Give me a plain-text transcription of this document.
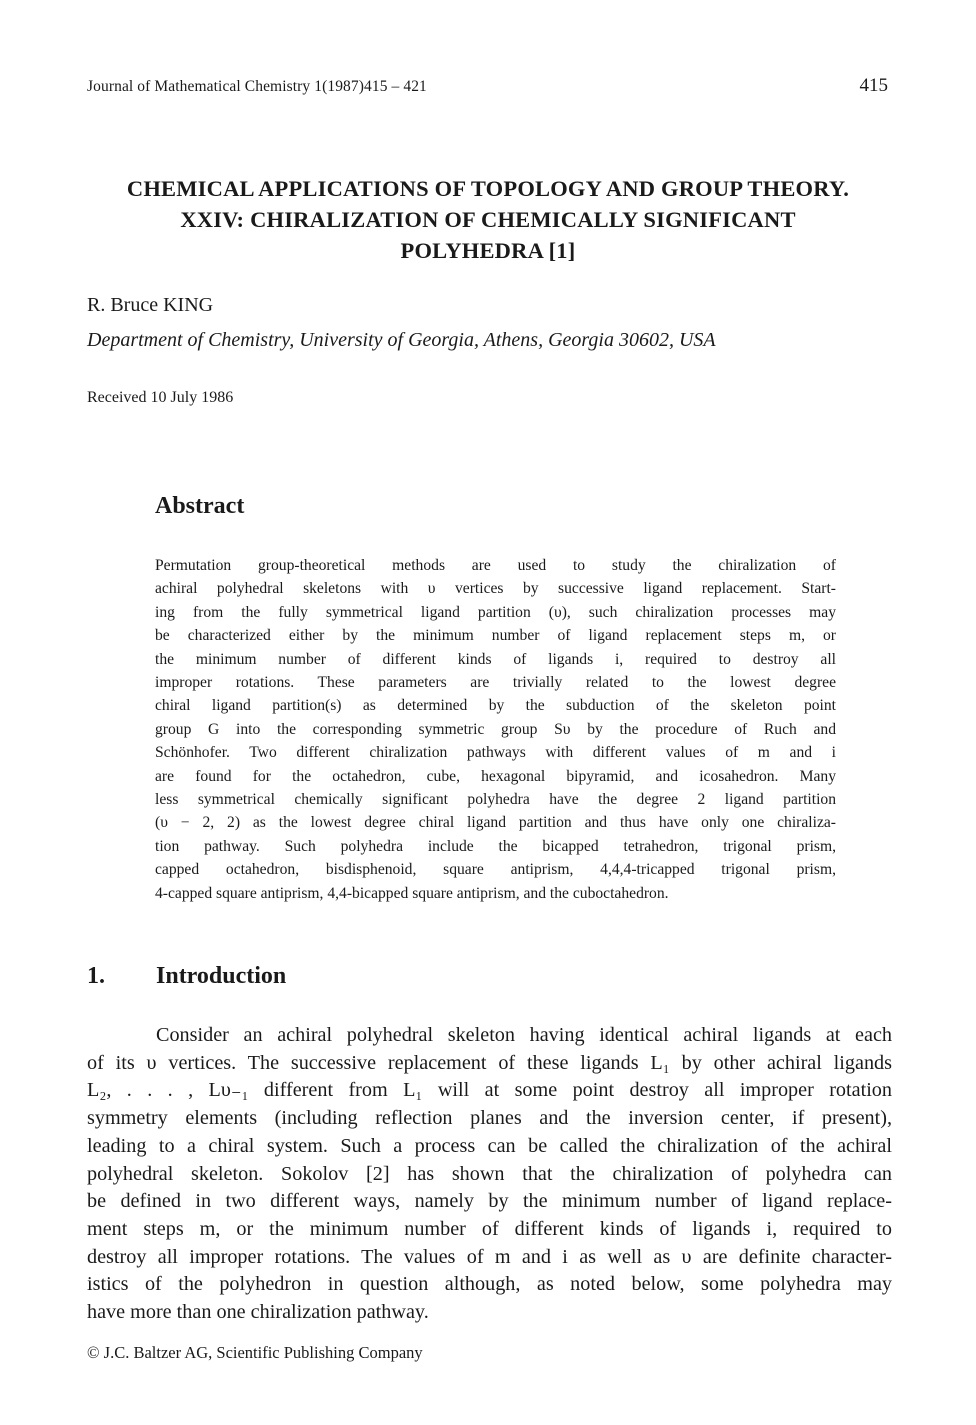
Journal of Mathematical Chemistry 1(1987)415 – 421	415
CHEMICAL APPLICATIONS OF TOPOLOGY AND GROUP THEORY.
XXIV: CHIRALIZATION OF CHEMICALLY SIGNIFICANT
POLYHEDRA [1]
R. Bruce KING
Department of Chemistry, University of Georgia, Athens, Georgia 30602, USA
Received 10 July 1986
Abstract
Permutation group-theoretical methods are used to study the chiralization of
achiral polyhedral skeletons with υ vertices by successive ligand replacement. Start-
ing from the fully symmetrical ligand partition (υ), such chiralization processes may
be characterized either by the minimum number of ligand replacement steps m, or
the minimum number of different kinds of ligands i, required to destroy all
improper rotations. These parameters are trivially related to the lowest degree
chiral ligand partition(s) as determined by the subduction of the skeleton point
group G into the corresponding symmetric group Sυ by the procedure of Ruch and
Schönhofer. Two different chiralization pathways with different values of m and i
are found for the octahedron, cube, hexagonal bipyramid, and icosahedron. Many
less symmetrical chemically significant polyhedra have the degree 2 ligand partition
(υ − 2, 2) as the lowest degree chiral ligand partition and thus have only one chiraliza-
tion pathway. Such polyhedra include the bicapped tetrahedron, trigonal prism,
capped octahedron, bisdisphenoid, square antiprism, 4,4,4-tricapped trigonal prism,
4-capped square antiprism, 4,4-bicapped square antiprism, and the cuboctahedron.
1. Introduction
Consider an achiral polyhedral skeleton having identical achiral ligands at each
of its υ vertices. The successive replacement of these ligands L₁ by other achiral ligands
L₂, . . . , Lυ₋₁ different from L₁ will at some point destroy all improper rotation
symmetry elements (including reflection planes and the inversion center, if present),
leading to a chiral system. Such a process can be called the chiralization of the achiral
polyhedral skeleton. Sokolov [2] has shown that the chiralization of polyhedra can
be defined in two different ways, namely by the minimum number of ligand replace-
ment steps m, or the minimum number of different kinds of ligands i, required to
destroy all improper rotations. The values of m and i as well as υ are definite character-
istics of the polyhedron in question although, as noted below, some polyhedra may
have more than one chiralization pathway.
© J.C. Baltzer AG, Scientific Publishing Company
